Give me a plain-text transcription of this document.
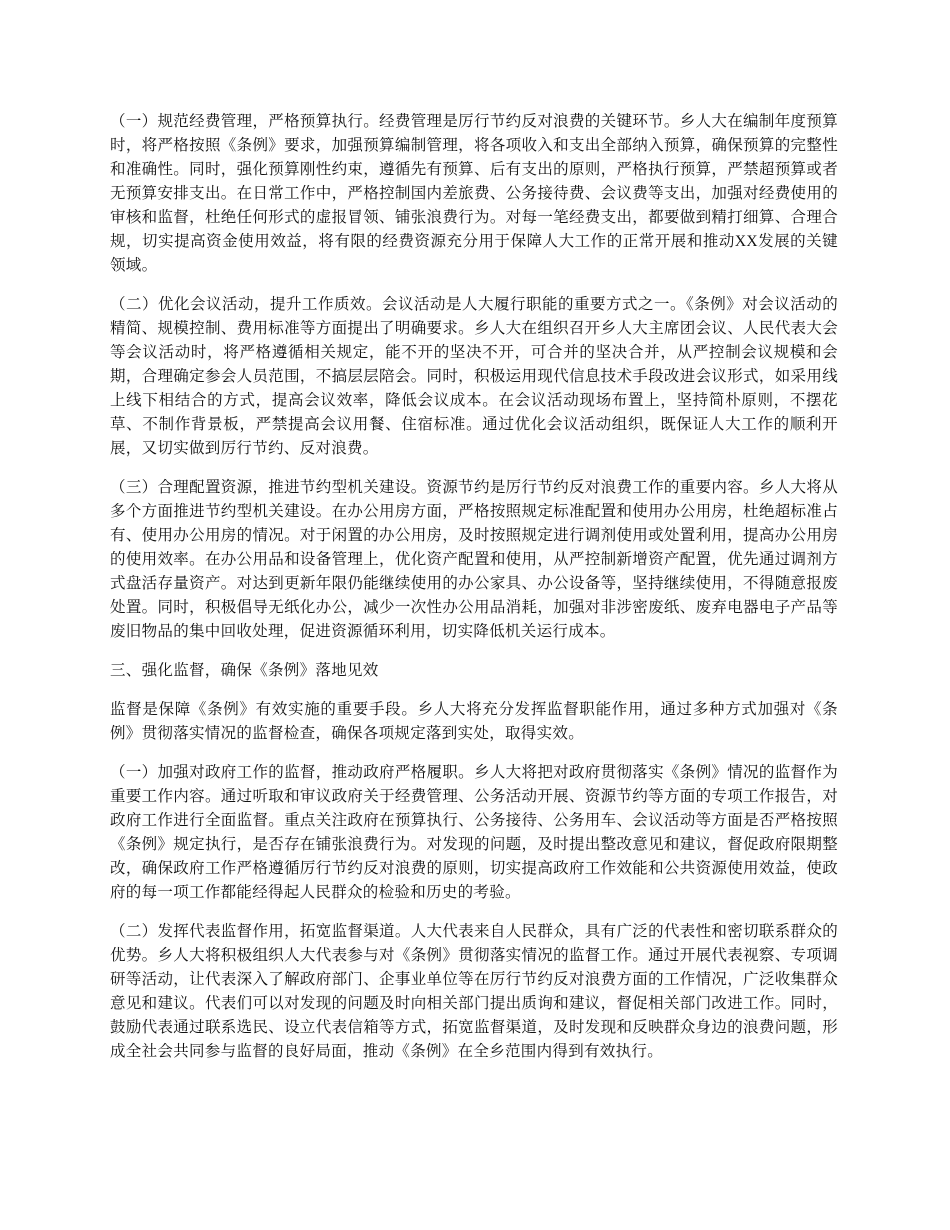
（一）规范经费管理，严格预算执行。经费管理是厉行节约反对浪费的关键环节。乡人大在编制年度预算时，将严格按照《条例》要求，加强预算编制管理，将各项收入和支出全部纳入预算，确保预算的完整性和准确性。同时，强化预算刚性约束，遵循先有预算、后有支出的原则，严格执行预算，严禁超预算或者无预算安排支出。在日常工作中，严格控制国内差旅费、公务接待费、会议费等支出，加强对经费使用的审核和监督，杜绝任何形式的虚报冒领、铺张浪费行为。对每一笔经费支出，都要做到精打细算、合理合规，切实提高资金使用效益，将有限的经费资源充分用于保障人大工作的正常开展和推动XX发展的关键领域。

（二）优化会议活动，提升工作质效。会议活动是人大履行职能的重要方式之一。《条例》对会议活动的精简、规模控制、费用标准等方面提出了明确要求。乡人大在组织召开乡人大主席团会议、人民代表大会等会议活动时，将严格遵循相关规定，能不开的坚决不开，可合并的坚决合并，从严控制会议规模和会期，合理确定参会人员范围，不搞层层陪会。同时，积极运用现代信息技术手段改进会议形式，如采用线上线下相结合的方式，提高会议效率，降低会议成本。在会议活动现场布置上，坚持简朴原则，不摆花草、不制作背景板，严禁提高会议用餐、住宿标准。通过优化会议活动组织，既保证人大工作的顺利开展，又切实做到厉行节约、反对浪费。

（三）合理配置资源，推进节约型机关建设。资源节约是厉行节约反对浪费工作的重要内容。乡人大将从多个方面推进节约型机关建设。在办公用房方面，严格按照规定标准配置和使用办公用房，杜绝超标准占有、使用办公用房的情况。对于闲置的办公用房，及时按照规定进行调剂使用或处置利用，提高办公用房的使用效率。在办公用品和设备管理上，优化资产配置和使用，从严控制新增资产配置，优先通过调剂方式盘活存量资产。对达到更新年限仍能继续使用的办公家具、办公设备等，坚持继续使用，不得随意报废处置。同时，积极倡导无纸化办公，减少一次性办公用品消耗，加强对非涉密废纸、废弃电器电子产品等废旧物品的集中回收处理，促进资源循环利用，切实降低机关运行成本。

三、强化监督，确保《条例》落地见效

监督是保障《条例》有效实施的重要手段。乡人大将充分发挥监督职能作用，通过多种方式加强对《条例》贯彻落实情况的监督检查，确保各项规定落到实处，取得实效。

（一）加强对政府工作的监督，推动政府严格履职。乡人大将把对政府贯彻落实《条例》情况的监督作为重要工作内容。通过听取和审议政府关于经费管理、公务活动开展、资源节约等方面的专项工作报告，对政府工作进行全面监督。重点关注政府在预算执行、公务接待、公务用车、会议活动等方面是否严格按照《条例》规定执行，是否存在铺张浪费行为。对发现的问题，及时提出整改意见和建议，督促政府限期整改，确保政府工作严格遵循厉行节约反对浪费的原则，切实提高政府工作效能和公共资源使用效益，使政府的每一项工作都能经得起人民群众的检验和历史的考验。

（二）发挥代表监督作用，拓宽监督渠道。人大代表来自人民群众，具有广泛的代表性和密切联系群众的优势。乡人大将积极组织人大代表参与对《条例》贯彻落实情况的监督工作。通过开展代表视察、专项调研等活动，让代表深入了解政府部门、企事业单位等在厉行节约反对浪费方面的工作情况，广泛收集群众意见和建议。代表们可以对发现的问题及时向相关部门提出质询和建议，督促相关部门改进工作。同时，鼓励代表通过联系选民、设立代表信箱等方式，拓宽监督渠道，及时发现和反映群众身边的浪费问题，形成全社会共同参与监督的良好局面，推动《条例》在全乡范围内得到有效执行。
